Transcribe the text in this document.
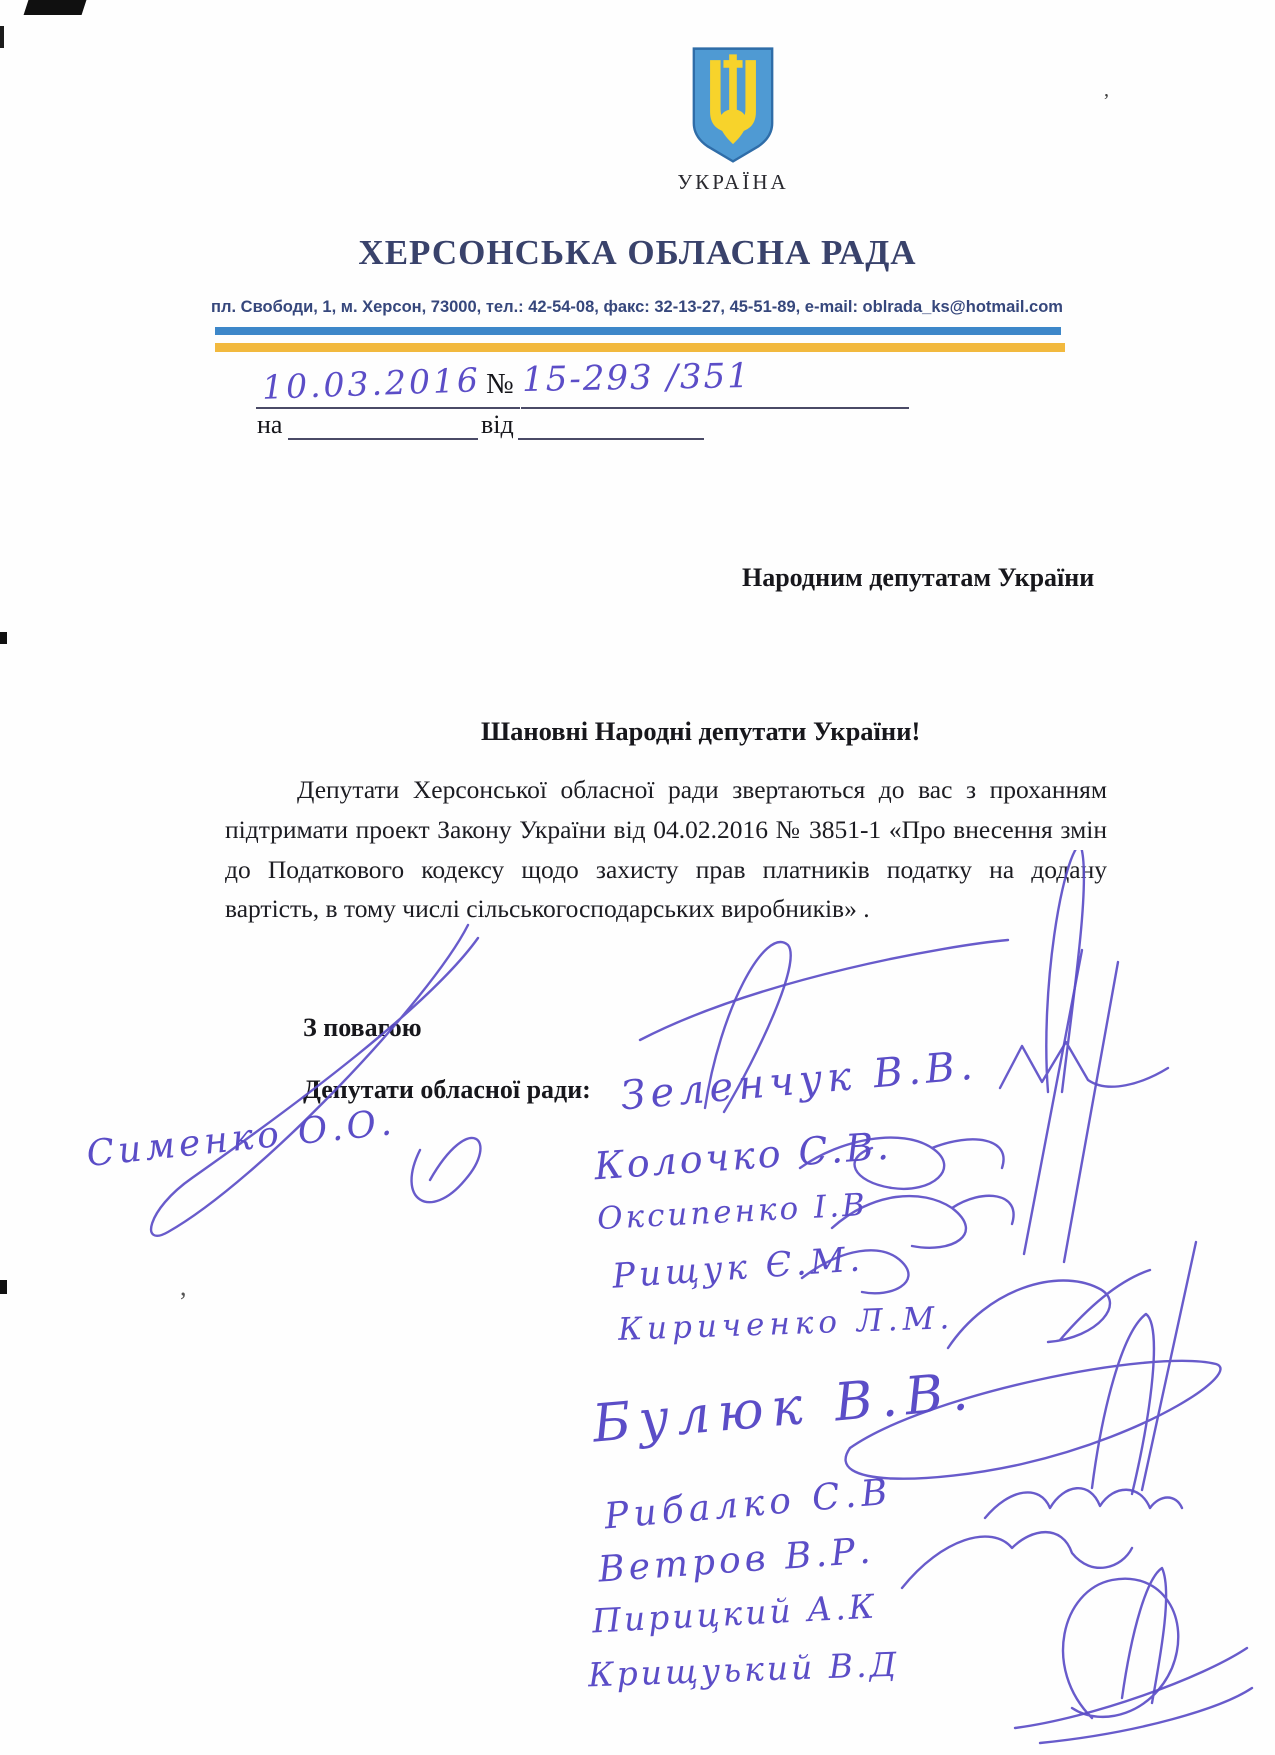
’
,
УКРАЇНА
ХЕРСОНСЬКА ОБЛАСНА РАДА
пл. Свободи, 1, м. Херсон, 73000, тел.: 42-54-08, факс: 32-13-27, 45-51-89, e-mail: oblrada_ks@hotmail.com
10.03.2016 № 15-293 /351
на	від
Народним депутатам України
Шановні Народні депутати України!
Депутати Херсонської обласної ради звертаються до вас з проханням підтримати проект Закону України від 04.02.2016 № 3851-1 «Про внесення змін до Податкового кодексу щодо захисту прав платників податку на додану вартість, в тому числі сільськогосподарських виробників» .
З повагою
Депутати обласної ради:
Сименко О.О.
Зеленчук В.В.
Колочко С.В.
Оксипенко І.В
Рищук Є.М.
Кириченко Л.М.
Булюк В.В.
Рибалко С.В
Ветров В.Р.
Пирицкий А.К
Крищуький В.Д
